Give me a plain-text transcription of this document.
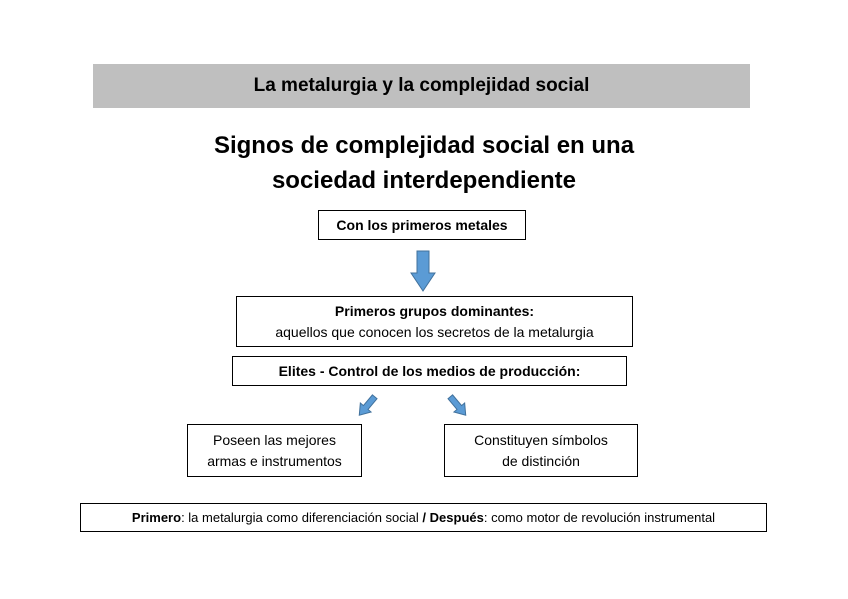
La metalurgia y la complejidad social
Signos de complejidad social en una
sociedad interdependiente
Con los primeros metales
Primeros grupos dominantes:
aquellos que conocen los secretos de la metalurgia
Elites - Control de los medios de producción:
Poseen las mejores
armas e instrumentos
Constituyen símbolos
de distinción
Primero : la metalurgia como diferenciación social /
Después : como motor de revolución instrumental
